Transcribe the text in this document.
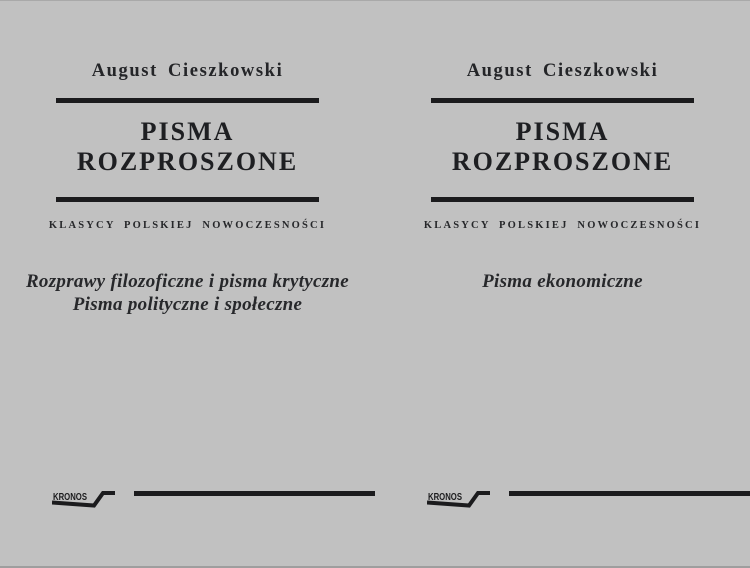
August Cieszkowski
PISMA
ROZPROSZONE
KLASYCY POLSKIEJ NOWOCZESNOŚCI
Rozprawy filozoficzne i pisma krytyczne
Pisma polityczne i społeczne
KRONOS
August Cieszkowski
PISMA
ROZPROSZONE
KLASYCY POLSKIEJ NOWOCZESNOŚCI
Pisma ekonomiczne
KRONOS
